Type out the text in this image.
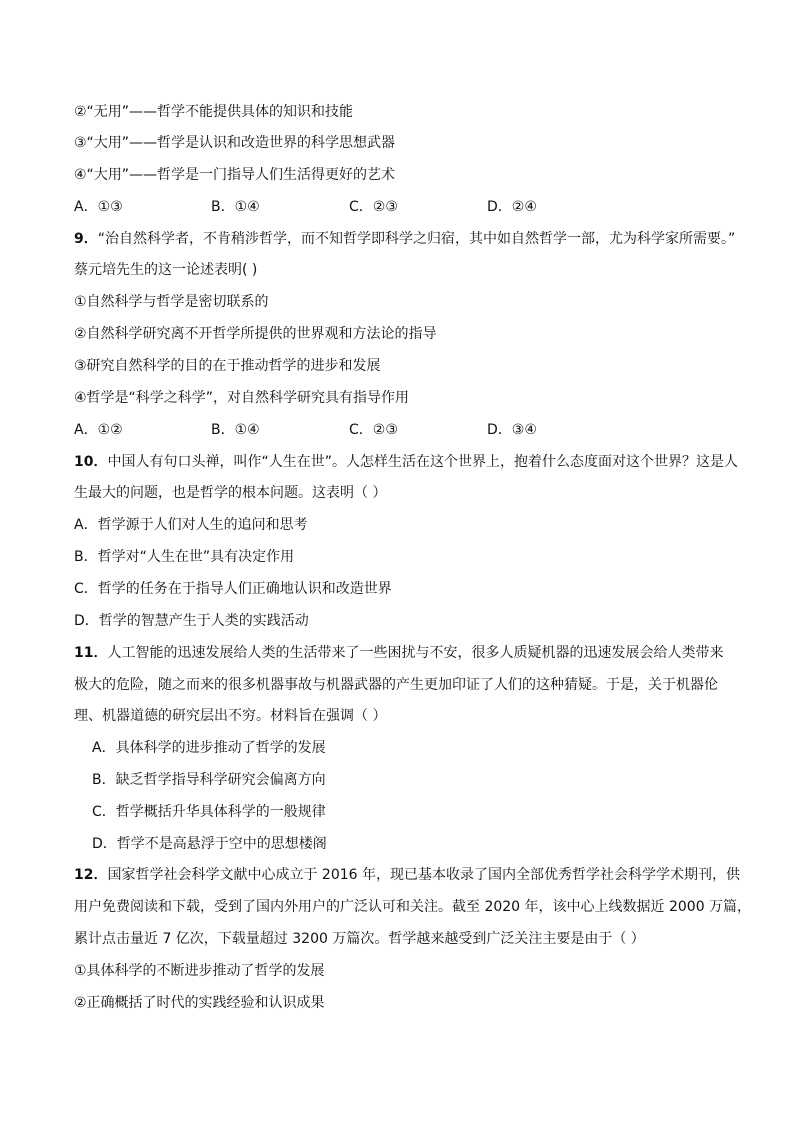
②“无用”——哲学不能提供具体的知识和技能
③“大用”——哲学是认识和改造世界的科学思想武器
④“大用”——哲学是一门指导人们生活得更好的艺术
A．①③	B．①④	C．②③	D．②④
9．“治自然科学者，不肯稍涉哲学，而不知哲学即科学之归宿，其中如自然哲学一部，尤为科学家所需要。”
蔡元培先生的这一论述表明( )
①自然科学与哲学是密切联系的
②自然科学研究离不开哲学所提供的世界观和方法论的指导
③研究自然科学的目的在于推动哲学的进步和发展
④哲学是“科学之科学”，对自然科学研究具有指导作用
A．①②	B．①④	C．②③	D．③④
10．中国人有句口头禅，叫作“人生在世”。人怎样生活在这个世界上，抱着什么态度面对这个世界？这是人
生最大的问题，也是哲学的根本问题。这表明（ ）
A．哲学源于人们对人生的追问和思考
B．哲学对“人生在世”具有决定作用
C．哲学的任务在于指导人们正确地认识和改造世界
D．哲学的智慧产生于人类的实践活动
11．人工智能的迅速发展给人类的生活带来了一些困扰与不安，很多人质疑机器的迅速发展会给人类带来
极大的危险，随之而来的很多机器事故与机器武器的产生更加印证了人们的这种猜疑。于是，关于机器伦
理、机器道德的研究层出不穷。材料旨在强调（ ）
A．具体科学的进步推动了哲学的发展
B．缺乏哲学指导科学研究会偏离方向
C．哲学概括升华具体科学的一般规律
D．哲学不是高悬浮于空中的思想楼阁
12．国家哲学社会科学文献中心成立于 2016 年，现已基本收录了国内全部优秀哲学社会科学学术期刊，供
用户免费阅读和下载，受到了国内外用户的广泛认可和关注。截至 2020 年，该中心上线数据近 2000 万篇，
累计点击量近 7 亿次，下载量超过 3200 万篇次。哲学越来越受到广泛关注主要是由于（ ）
①具体科学的不断进步推动了哲学的发展
②正确概括了时代的实践经验和认识成果
